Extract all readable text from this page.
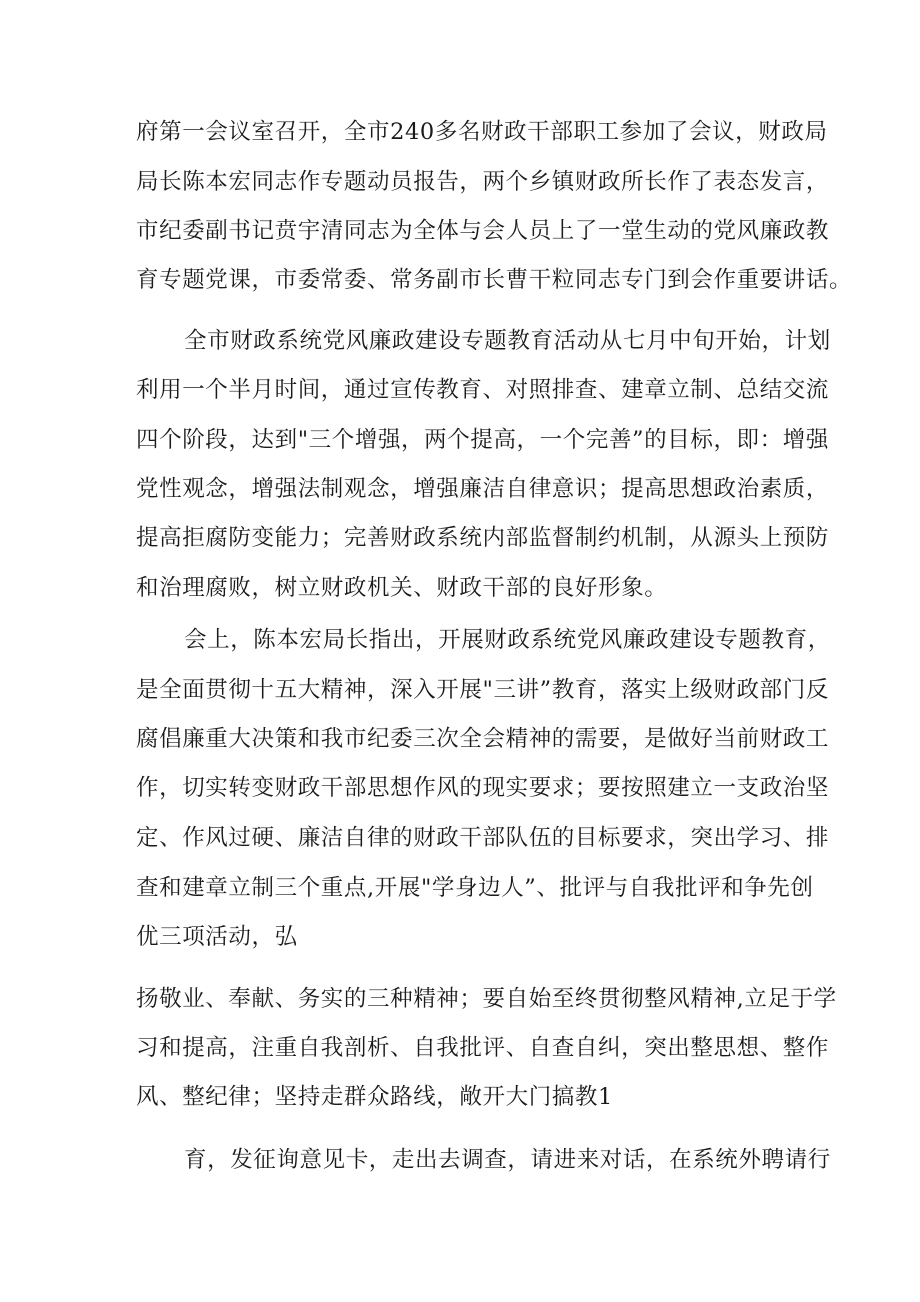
府第一会议室召开，全市240多名财政干部职工参加了会议，财政局
局长陈本宏同志作专题动员报告，两个乡镇财政所长作了表态发言，
市纪委副书记贲宇清同志为全体与会人员上了一堂生动的党风廉政教
育专题党课，市委常委、常务副市长曹干粒同志专门到会作重要讲话。
全市财政系统党风廉政建设专题教育活动从七月中旬开始，计划
利用一个半月时间，通过宣传教育、对照排查、建章立制、总结交流
四个阶段，达到"三个增强，两个提高，一个完善”的目标，即：增强
党性观念，增强法制观念，增强廉洁自律意识；提高思想政治素质，
提高拒腐防变能力；完善财政系统内部监督制约机制，从源头上预防
和治理腐败，树立财政机关、财政干部的良好形象。
会上，陈本宏局长指出，开展财政系统党风廉政建设专题教育，
是全面贯彻十五大精神，深入开展"三讲”教育，落实上级财政部门反
腐倡廉重大决策和我市纪委三次全会精神的需要，是做好当前财政工
作，切实转变财政干部思想作风的现实要求；要按照建立一支政治坚
定、作风过硬、廉洁自律的财政干部队伍的目标要求，突出学习、排
查和建章立制三个重点,开展"学身边人”、批评与自我批评和争先创
优三项活动，弘
扬敬业、奉献、务实的三种精神；要自始至终贯彻整风精神,立足于学
习和提高，注重自我剖析、自我批评、自查自纠，突出整思想、整作
风、整纪律；坚持走群众路线，敞开大门搞教1
育，发征询意见卡，走出去调查，请进来对话，在系统外聘请行
